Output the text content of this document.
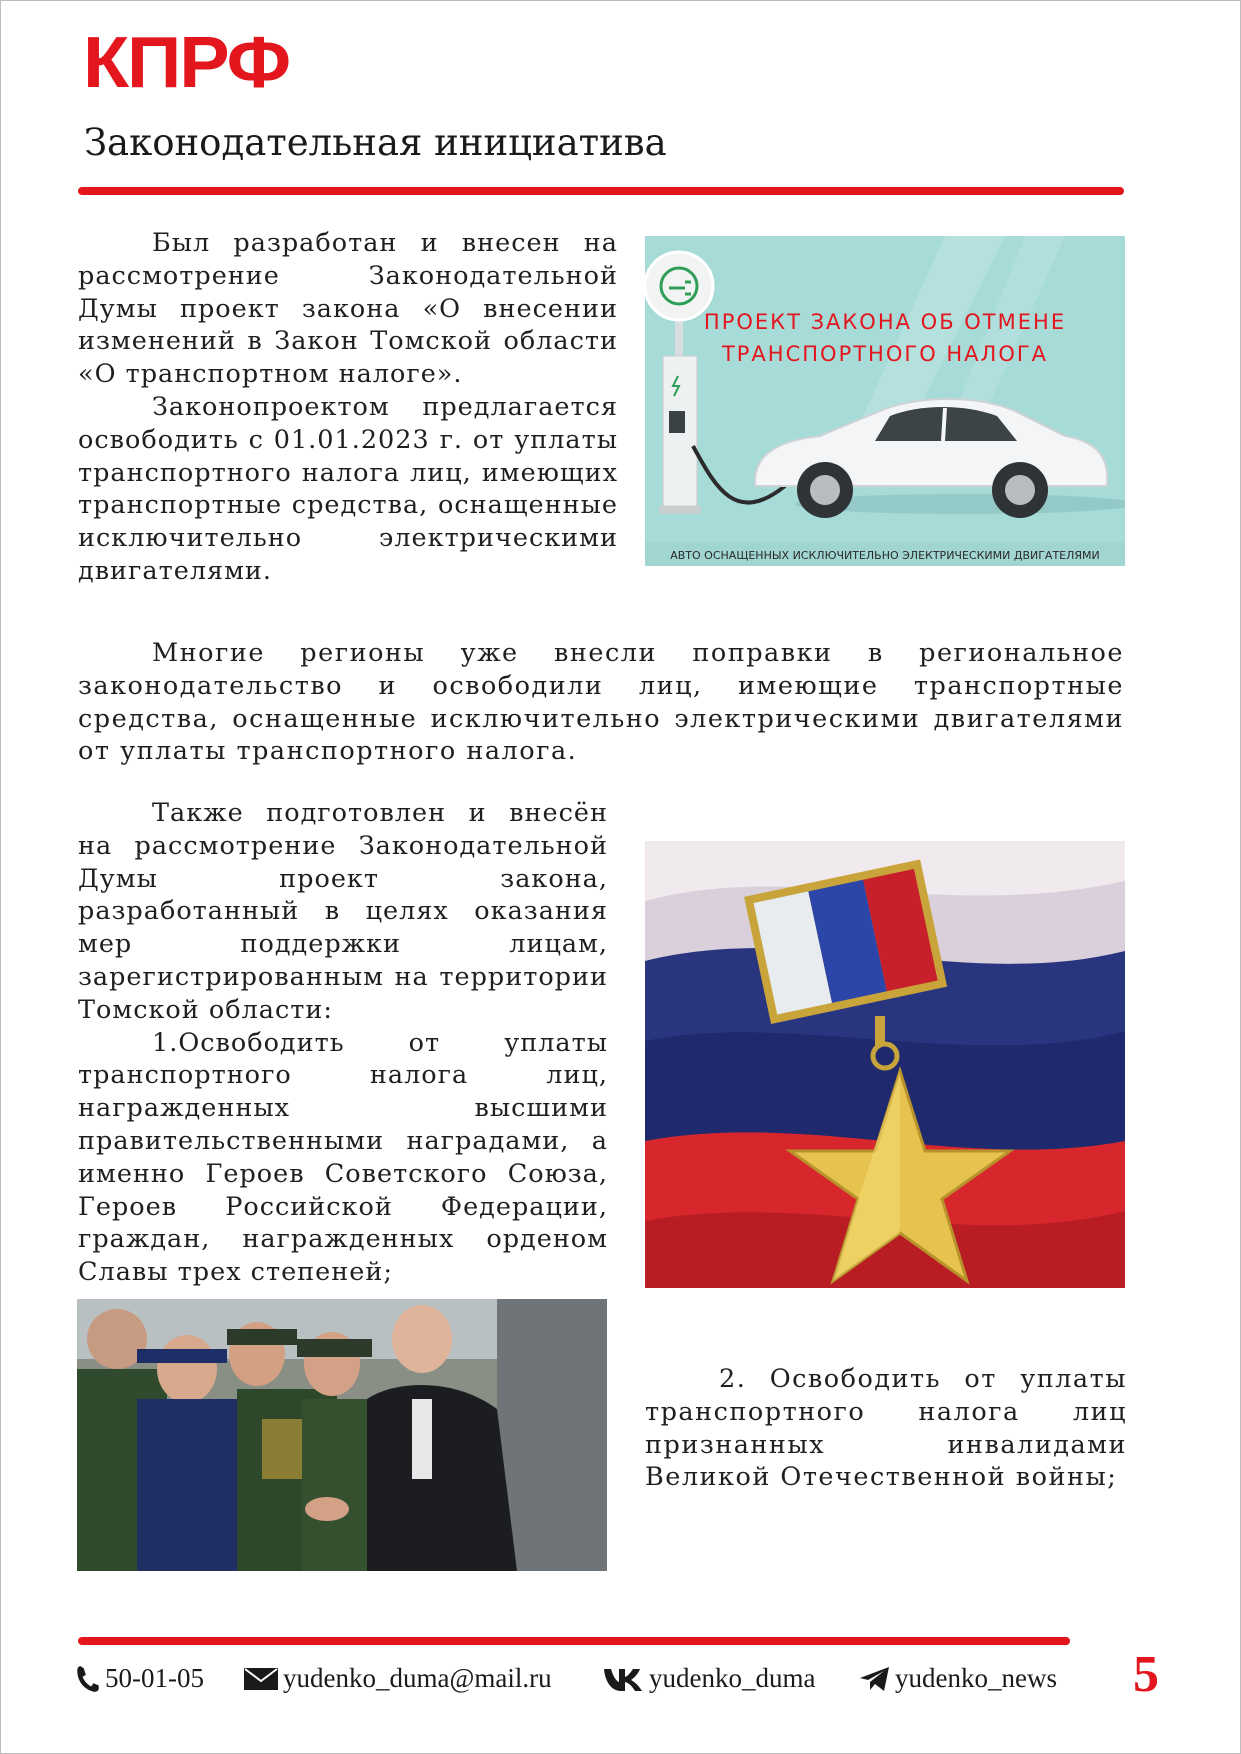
КПРФ
Законодательная инициатива

Был разработан и внесен на рассмотрение Законодательной Думы проект закона «О внесении изменений в Закон Томской области «О транспортном налоге».

Законопроектом предлагается освободить с 01.01.2023 г. от уплаты транспортного налога лиц, имеющих транспортные средства, оснащенные исключительно электрическими двигателями.

ПРОЕКТ ЗАКОНА ОБ ОТМЕНЕ
ТРАНСПОРТНОГО НАЛОГА
АВТО ОСНАЩЕННЫХ ИСКЛЮЧИТЕЛЬНО ЭЛЕКТРИЧЕСКИМИ ДВИГАТЕЛЯМИ

Многие регионы уже внесли поправки в региональное законодательство и освободили лиц, имеющие транспортные средства, оснащенные исключительно электрическими двигателями от уплаты транспортного налога.

Также подготовлен и внесён на рассмотрение Законодательной Думы проект закона, разработанный в целях оказания мер поддержки лицам, зарегистрированным на территории Томской области:

1.Освободить от уплаты транспортного налога лиц, награжденных высшими правительственными наградами, а именно Героев Советского Союза, Героев Российской Федерации, граждан, награжденных орденом Славы трех степеней;

2. Освободить от уплаты транспортного налога лиц признанных инвалидами Великой Отечественной войны;

50-01-05	yudenko_duma@mail.ru	yudenko_duma	yudenko_news 5
